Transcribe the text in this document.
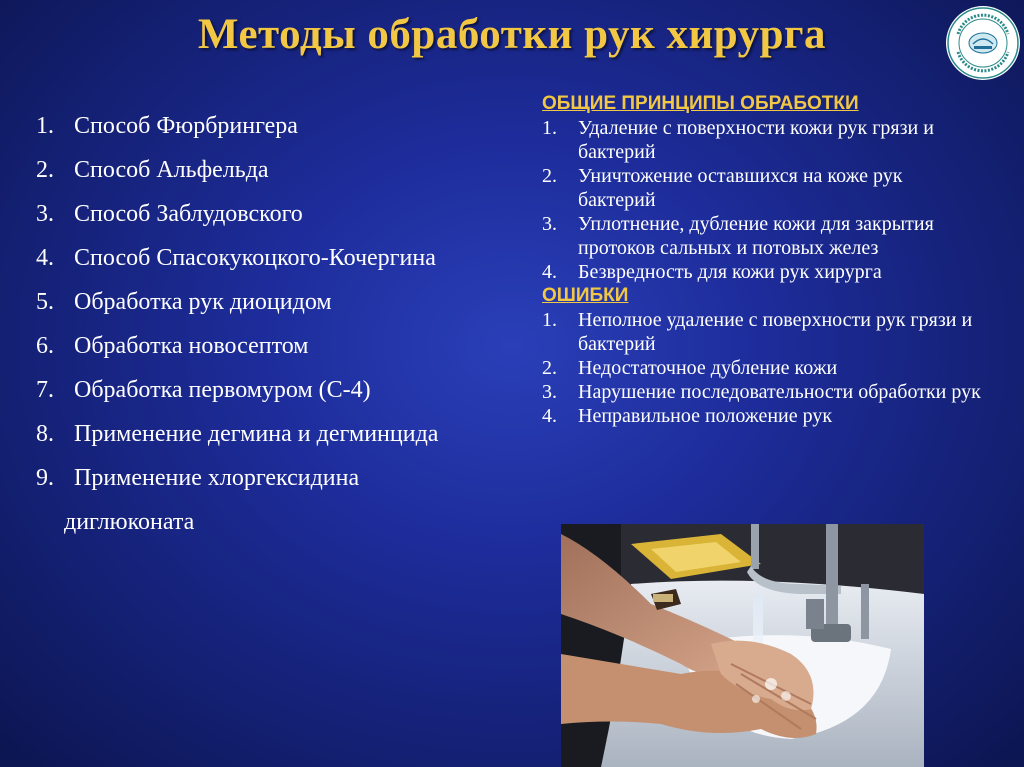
Методы обработки рук хирурга
1. Способ Фюрбрингера
2. Способ Альфельда
3. Способ Заблудовского
4. Способ Спасокукоцкого-Кочергина
5. Обработка рук диоцидом
6. Обработка новосептом
7. Обработка первомуром (С-4)
8. Применение дегмина и дегминцида
9. Применение хлоргексидина
диглюконата
ОБЩИЕ ПРИНЦИПЫ ОБРАБОТКИ
1.	Удаление с поверхности кожи рук грязи и бактерий
2.	Уничтожение оставшихся на коже рук бактерий
3.	Уплотнение, дубление кожи для закрытия протоков сальных и потовых желез
4.	Безвредность для кожи рук хирурга
ОШИБКИ
1.	Неполное удаление с поверхности рук грязи и бактерий
2.	Недостаточное дубление кожи
3.	Нарушение последовательности обработки рук
4.	Неправильное положение рук
